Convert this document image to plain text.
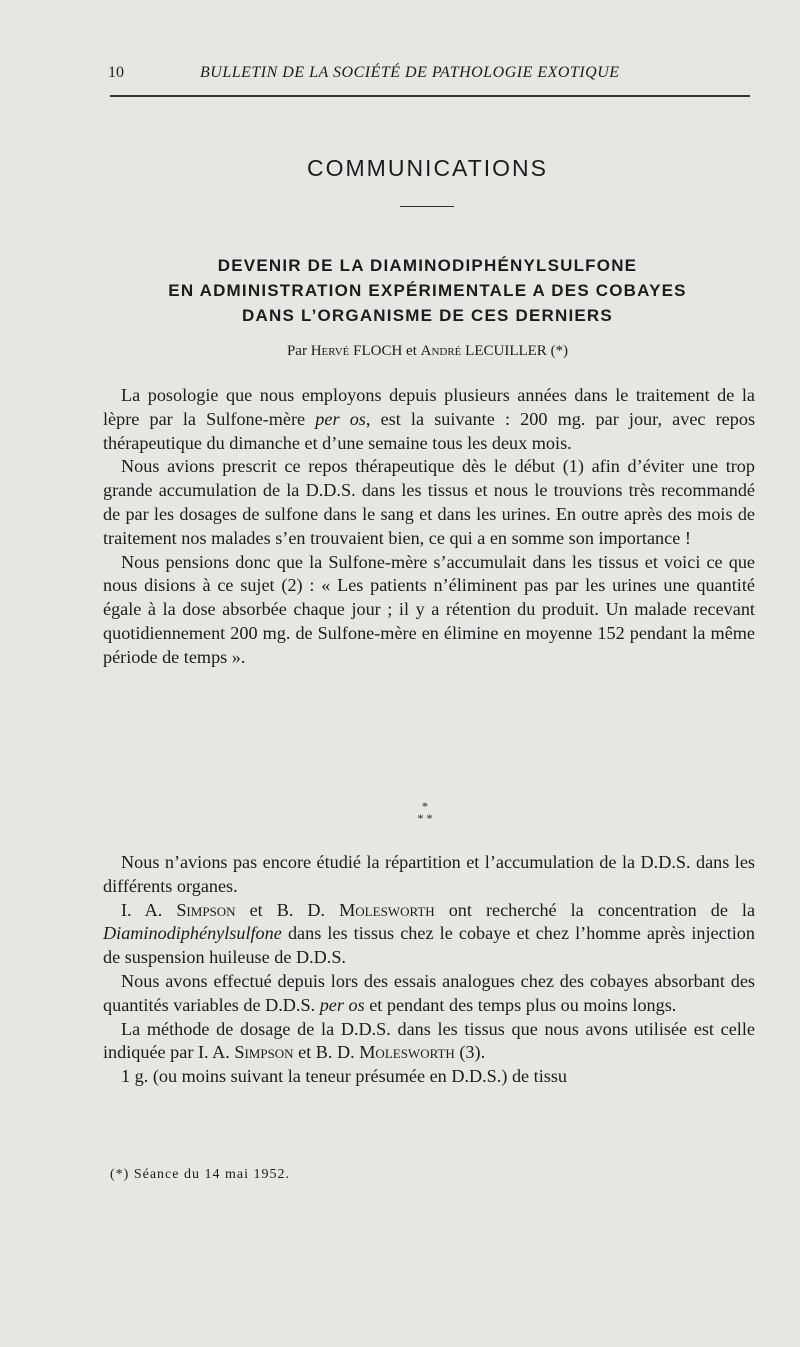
10	BULLETIN DE LA SOCIÉTÉ DE PATHOLOGIE EXOTIQUE
COMMUNICATIONS
DEVENIR DE LA DIAMINODIPHÉNYLSULFONE
EN ADMINISTRATION EXPÉRIMENTALE A DES COBAYES
DANS L’ORGANISME DE CES DERNIERS
Par Hervé FLOCH et André LECUILLER (*)

La posologie que nous employons depuis plusieurs années dans le traitement de la lèpre par la Sulfone-mère per os, est la suivante : 200 mg. par jour, avec repos thérapeutique du dimanche et d’une semaine tous les deux mois.

Nous avions prescrit ce repos thérapeutique dès le début (1) afin d’éviter une trop grande accumulation de la D.D.S. dans les tissus et nous le trouvions très recommandé de par les dosages de sulfone dans le sang et dans les urines. En outre après des mois de traitement nos malades s’en trouvaient bien, ce qui a en somme son importance !

Nous pensions donc que la Sulfone-mère s’accumulait dans les tissus et voici ce que nous disions à ce sujet (2) : « Les patients n’éliminent pas par les urines une quantité égale à la dose absorbée chaque jour ; il y a rétention du produit. Un malade recevant quotidiennement 200 mg. de Sulfone-mère en élimine en moyenne 152 pendant la même période de temps ».

*
* *

Nous n’avions pas encore étudié la répartition et l’accumulation de la D.D.S. dans les différents organes.

I. A. Simpson et B. D. Molesworth ont recherché la concentration de la Diaminodiphénylsulfone dans les tissus chez le cobaye et chez l’homme après injection de suspension huileuse de D.D.S.

Nous avons effectué depuis lors des essais analogues chez des cobayes absorbant des quantités variables de D.D.S. per os et pendant des temps plus ou moins longs.

La méthode de dosage de la D.D.S. dans les tissus que nous avons utilisée est celle indiquée par I. A. Simpson et B. D. Molesworth (3).

1 g. (ou moins suivant la teneur présumée en D.D.S.) de tissu

(*) Séance du 14 mai 1952.
